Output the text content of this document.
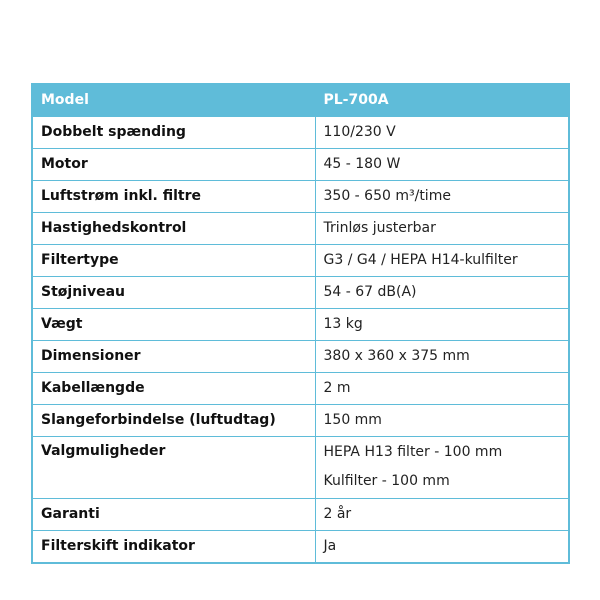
Model	PL-700A
Dobbelt spænding	110/230 V
Motor	45 - 180 W
Luftstrøm inkl. filtre	350 - 650 m³/time
Hastighedskontrol	Trinløs justerbar
Filtertype	G3 / G4 / HEPA H14-kulfilter
Støjniveau	54 - 67 dB(A)
Vægt	13 kg
Dimensioner	380 x 360 x 375 mm
Kabellængde	2 m
Slangeforbindelse (luftudtag)	150 mm
Valgmuligheder	HEPA H13 filter - 100 mm
Kulfilter - 100 mm

Garanti	2 år
Filterskift indikator	Ja
